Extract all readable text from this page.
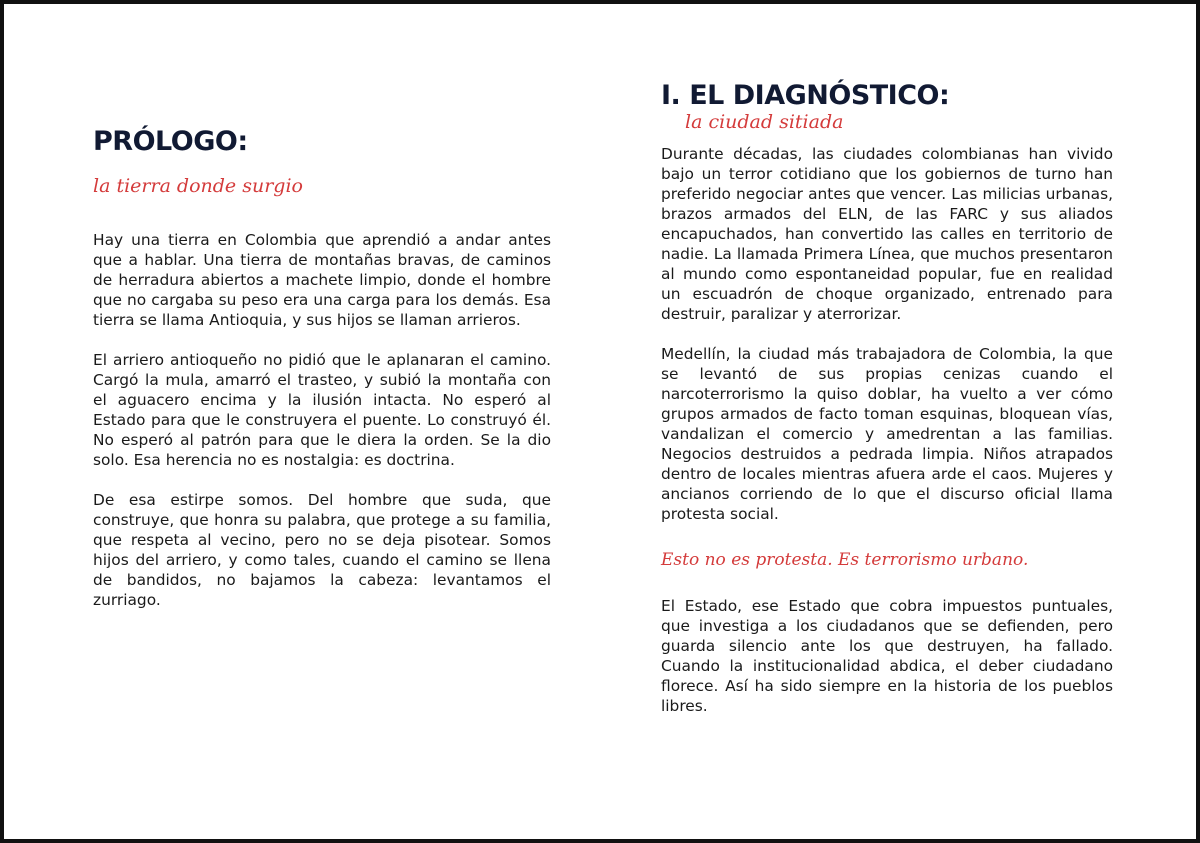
PRÓLOGO:
la tierra donde surgio

Hay una tierra en Colombia que aprendió a andar antes que a hablar. Una tierra de montañas bravas, de caminos de herradura abiertos a machete limpio, donde el hombre que no cargaba su peso era una carga para los demás. Esa tierra se llama Antioquia, y sus hijos se llaman arrieros.

El arriero antioqueño no pidió que le aplanaran el camino. Cargó la mula, amarró el trasteo, y subió la montaña con el aguacero encima y la ilusión intacta. No esperó al Estado para que le construyera el puente. Lo construyó él. No esperó al patrón para que le diera la orden. Se la dio solo. Esa herencia no es nostalgia: es doctrina.

De esa estirpe somos. Del hombre que suda, que construye, que honra su palabra, que protege a su familia, que respeta al vecino, pero no se deja pisotear. Somos hijos del arriero, y como tales, cuando el camino se llena de bandidos, no bajamos la cabeza: levantamos el zurriago.

I. EL DIAGNÓSTICO:
la ciudad sitiada

Durante décadas, las ciudades colombianas han vivido bajo un terror cotidiano que los gobiernos de turno han preferido negociar antes que vencer. Las milicias urbanas, brazos armados del ELN, de las FARC y sus aliados encapuchados, han convertido las calles en territorio de nadie. La llamada Primera Línea, que muchos presentaron al mundo como espontaneidad popular, fue en realidad un escuadrón de choque organizado, entrenado para destruir, paralizar y aterrorizar.

Medellín, la ciudad más trabajadora de Colombia, la que se levantó de sus propias cenizas cuando el narcoterrorismo la quiso doblar, ha vuelto a ver cómo grupos armados de facto toman esquinas, bloquean vías, vandalizan el comercio y amedrentan a las familias. Negocios destruidos a pedrada limpia. Niños atrapados dentro de locales mientras afuera arde el caos. Mujeres y ancianos corriendo de lo que el discurso oficial llama protesta social.

Esto no es protesta. Es terrorismo urbano.

El Estado, ese Estado que cobra impuestos puntuales, que investiga a los ciudadanos que se defienden, pero guarda silencio ante los que destruyen, ha fallado. Cuando la institucionalidad abdica, el deber ciudadano florece. Así ha sido siempre en la historia de los pueblos libres.
